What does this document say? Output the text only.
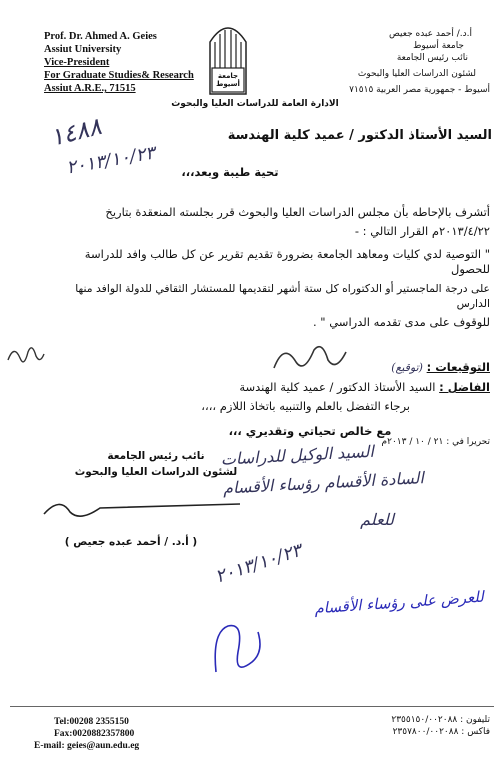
Prof. Dr. Ahmed A. Geies
Assiut University
Vice-President
For Graduate Studies& Research
Assiut A.R.E., 71515
جامعة أسيوط
أ.د./ أحمد عبده جعيص
جامعة أسيوط
نائب رئيس الجامعة
لشئون الدراسات العليا والبحوث
أسيوط - جمهورية مصر العربية ٧١٥١٥
الادارة العامة للدراسات العليا والبحوث
١٤٨٨
٢٠١٣/١٠/٢٣
السيد الأستاذ الدكتور / عميد كلية الهندسة
تحية طيبة وبعد،،،
أتشرف بالإحاطه بأن مجلس الدراسات العليا والبحوث قرر بجلسته المنعقدة بتاريخ
٢٠١٣/٤/٢٢م القرار التالي : -
" التوصية لدي كليات ومعاهد الجامعة بضرورة تقديم تقرير عن كل طالب وافد للدراسة للحصول
على درجة الماجستير أو الدكتوراه كل ستة أشهر لتقديمها للمستشار الثقافي للدولة الوافد منها الدارس
للوقوف على مدى تقدمه الدراسي " .
التوقيعات : (توقيع)
الفاضل : السيد الأستاذ الدكتور / عميد كلية الهندسة
برجاء التفضل بالعلم والتنبيه باتخاذ اللازم ،،،،
مع خالص تحياتي وتقديري ،،،
تحريرا في : ٢١ / ١٠ / ٢٠١٣م
نائب رئيس الجامعة
لشئون الدراسات العليا والبحوث
( أ.د. / أحمد عبده جعيص )
السيد الوكيل للدراسات
السادة الأقسام رؤساء الأقسام
للعلم
٢٠١٣/١٠/٢٣
للعرض على رؤساء الأقسام
Tel:00208 2355150
Fax:0020882357800
E-mail: geies@aun.edu.eg
تليفون : ٢٣٥٥١٥٠/٠٠٢٠٨٨
فاكس : ٢٣٥٧٨٠٠/٠٠٢٠٨٨
